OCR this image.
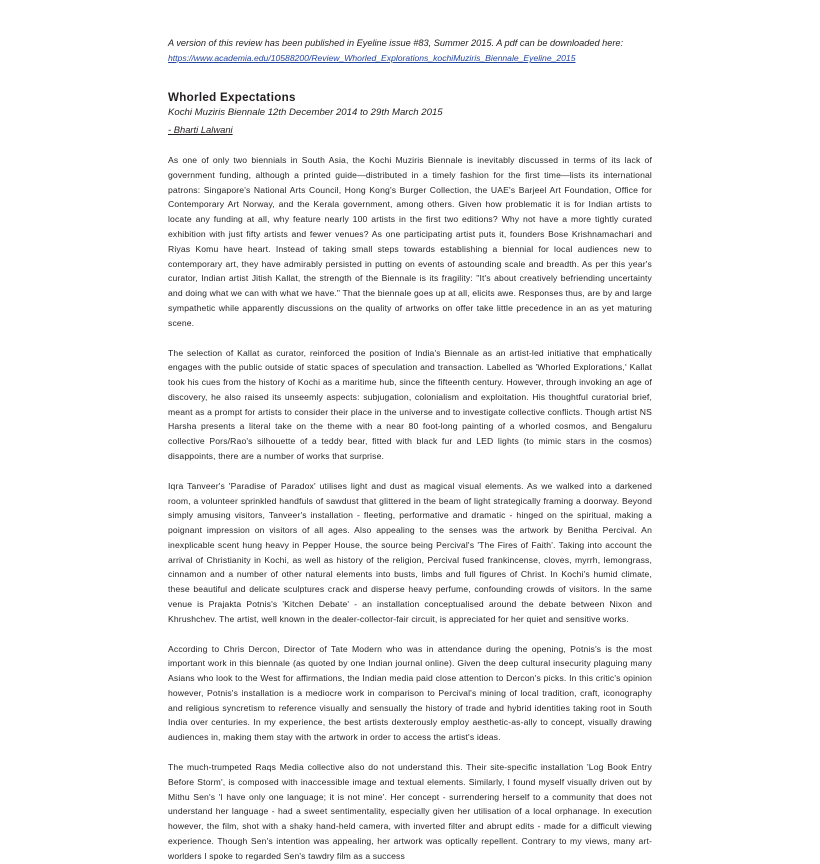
A version of this review has been published in Eyeline issue #83, Summer 2015. A pdf can be downloaded here:

https://www.academia.edu/10588200/Review_Whorled_Explorations_kochiMuziris_Biennale_Eyeline_2015
Whorled Expectations
Kochi Muziris Biennale 12th December 2014 to 29th March 2015
- Bharti Lalwani

As one of only two biennials in South Asia, the Kochi Muziris Biennale is inevitably discussed in terms of its lack of government funding, although a printed guide—distributed in a timely fashion for the first time—lists its international patrons: Singapore's National Arts Council, Hong Kong's Burger Collection, the UAE's Barjeel Art Foundation, Office for Contemporary Art Norway, and the Kerala government, among others. Given how problematic it is for Indian artists to locate any funding at all, why feature nearly 100 artists in the first two editions? Why not have a more tightly curated exhibition with just fifty artists and fewer venues? As one participating artist puts it, founders Bose Krishnamachari and Riyas Komu have heart. Instead of taking small steps towards establishing a biennial for local audiences new to contemporary art, they have admirably persisted in putting on events of astounding scale and breadth. As per this year's curator, Indian artist Jitish Kallat, the strength of the Biennale is its fragility: "It's about creatively befriending uncertainty and doing what we can with what we have." That the biennale goes up at all, elicits awe. Responses thus, are by and large sympathetic while apparently discussions on the quality of artworks on offer take little precedence in an as yet maturing scene.

The selection of Kallat as curator, reinforced the position of India's Biennale as an artist-led initiative that emphatically engages with the public outside of static spaces of speculation and transaction. Labelled as 'Whorled Explorations,' Kallat took his cues from the history of Kochi as a maritime hub, since the fifteenth century. However, through invoking an age of discovery, he also raised its unseemly aspects: subjugation, colonialism and exploitation. His thoughtful curatorial brief, meant as a prompt for artists to consider their place in the universe and to investigate collective conflicts. Though artist NS Harsha presents a literal take on the theme with a near 80 foot-long painting of a whorled cosmos, and Bengaluru collective Pors/Rao's silhouette of a teddy bear, fitted with black fur and LED lights (to mimic stars in the cosmos) disappoints, there are a number of works that surprise.

Iqra Tanveer's 'Paradise of Paradox' utilises light and dust as magical visual elements. As we walked into a darkened room, a volunteer sprinkled handfuls of sawdust that glittered in the beam of light strategically framing a doorway. Beyond simply amusing visitors, Tanveer's installation - fleeting, performative and dramatic - hinged on the spiritual, making a poignant impression on visitors of all ages. Also appealing to the senses was the artwork by Benitha Percival. An inexplicable scent hung heavy in Pepper House, the source being Percival's 'The Fires of Faith'. Taking into account the arrival of Christianity in Kochi, as well as history of the religion, Percival fused frankincense, cloves, myrrh, lemongrass, cinnamon and a number of other natural elements into busts, limbs and full figures of Christ. In Kochi's humid climate, these beautiful and delicate sculptures crack and disperse heavy perfume, confounding crowds of visitors. In the same venue is Prajakta Potnis's 'Kitchen Debate' - an installation conceptualised around the debate between Nixon and Khrushchev. The artist, well known in the dealer-collector-fair circuit, is appreciated for her quiet and sensitive works.

According to Chris Dercon, Director of Tate Modern who was in attendance during the opening, Potnis's is the most important work in this biennale (as quoted by one Indian journal online). Given the deep cultural insecurity plaguing many Asians who look to the West for affirmations, the Indian media paid close attention to Dercon's picks. In this critic's opinion however, Potnis's installation is a mediocre work in comparison to Percival's mining of local tradition, craft, iconography and religious syncretism to reference visually and sensually the history of trade and hybrid identities taking root in South India over centuries. In my experience, the best artists dexterously employ aesthetic-as-ally to concept, visually drawing audiences in, making them stay with the artwork in order to access the artist's ideas.

The much-trumpeted Raqs Media collective also do not understand this. Their site-specific installation 'Log Book Entry Before Storm', is composed with inaccessible image and textual elements. Similarly, I found myself visually driven out by Mithu Sen's 'I have only one language; it is not mine'. Her concept - surrendering herself to a community that does not understand her language - had a sweet sentimentality, especially given her utilisation of a local orphanage. In execution however, the film, shot with a shaky hand-held camera, with inverted filter and abrupt edits - made for a difficult viewing experience. Though Sen's intention was appealing, her artwork was optically repellent. Contrary to my views, many art-worlders I spoke to regarded Sen's tawdry film as a success
